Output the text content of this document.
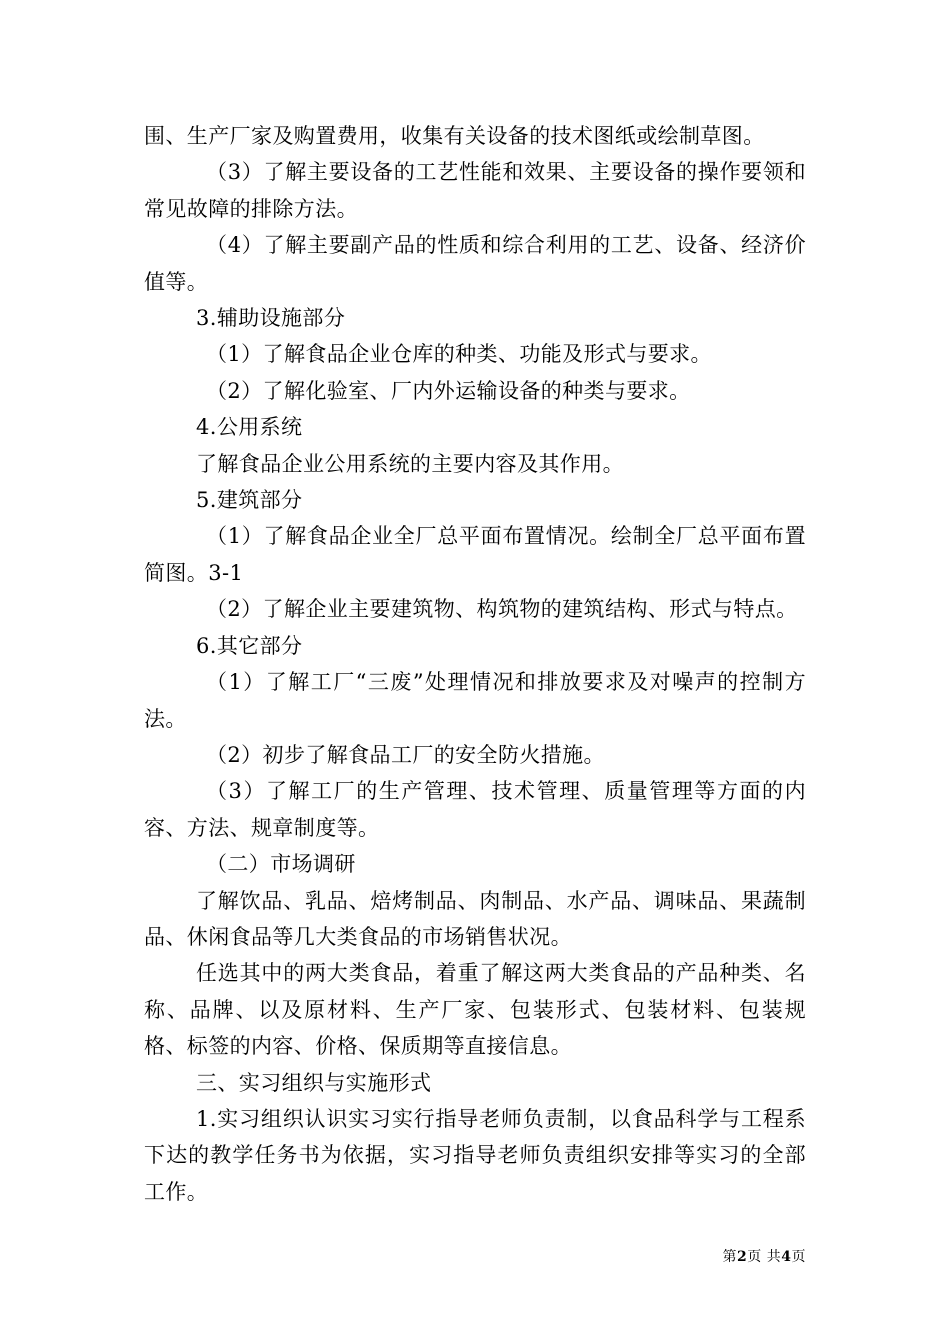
围、生产厂家及购置费用，收集有关设备的技术图纸或绘制草图。

（3）了解主要设备的工艺性能和效果、主要设备的操作要领和常见故障的排除方法。

（4）了解主要副产品的性质和综合利用的工艺、设备、经济价值等。

3.辅助设施部分

（1）了解食品企业仓库的种类、功能及形式与要求。

（2）了解化验室、厂内外运输设备的种类与要求。

4.公用系统

了解食品企业公用系统的主要内容及其作用。

5.建筑部分

（1）了解食品企业全厂总平面布置情况。绘制全厂总平面布置简图。3-1

（2）了解企业主要建筑物、构筑物的建筑结构、形式与特点。

6.其它部分

（1）了解工厂“三废”处理情况和排放要求及对噪声的控制方法。

（2）初步了解食品工厂的安全防火措施。

（3）了解工厂的生产管理、技术管理、质量管理等方面的内容、方法、规章制度等。

（二）市场调研

了解饮品、乳品、焙烤制品、肉制品、水产品、调味品、果蔬制品、休闲食品等几大类食品的市场销售状况。

任选其中的两大类食品，着重了解这两大类食品的产品种类、名称、品牌、以及原材料、生产厂家、包装形式、包装材料、包装规格、标签的内容、价格、保质期等直接信息。

三、实习组织与实施形式

1.实习组织认识实习实行指导老师负责制，以食品科学与工程系下达的教学任务书为依据，实习指导老师负责组织安排等实习的全部工作。

第2页 共4页
